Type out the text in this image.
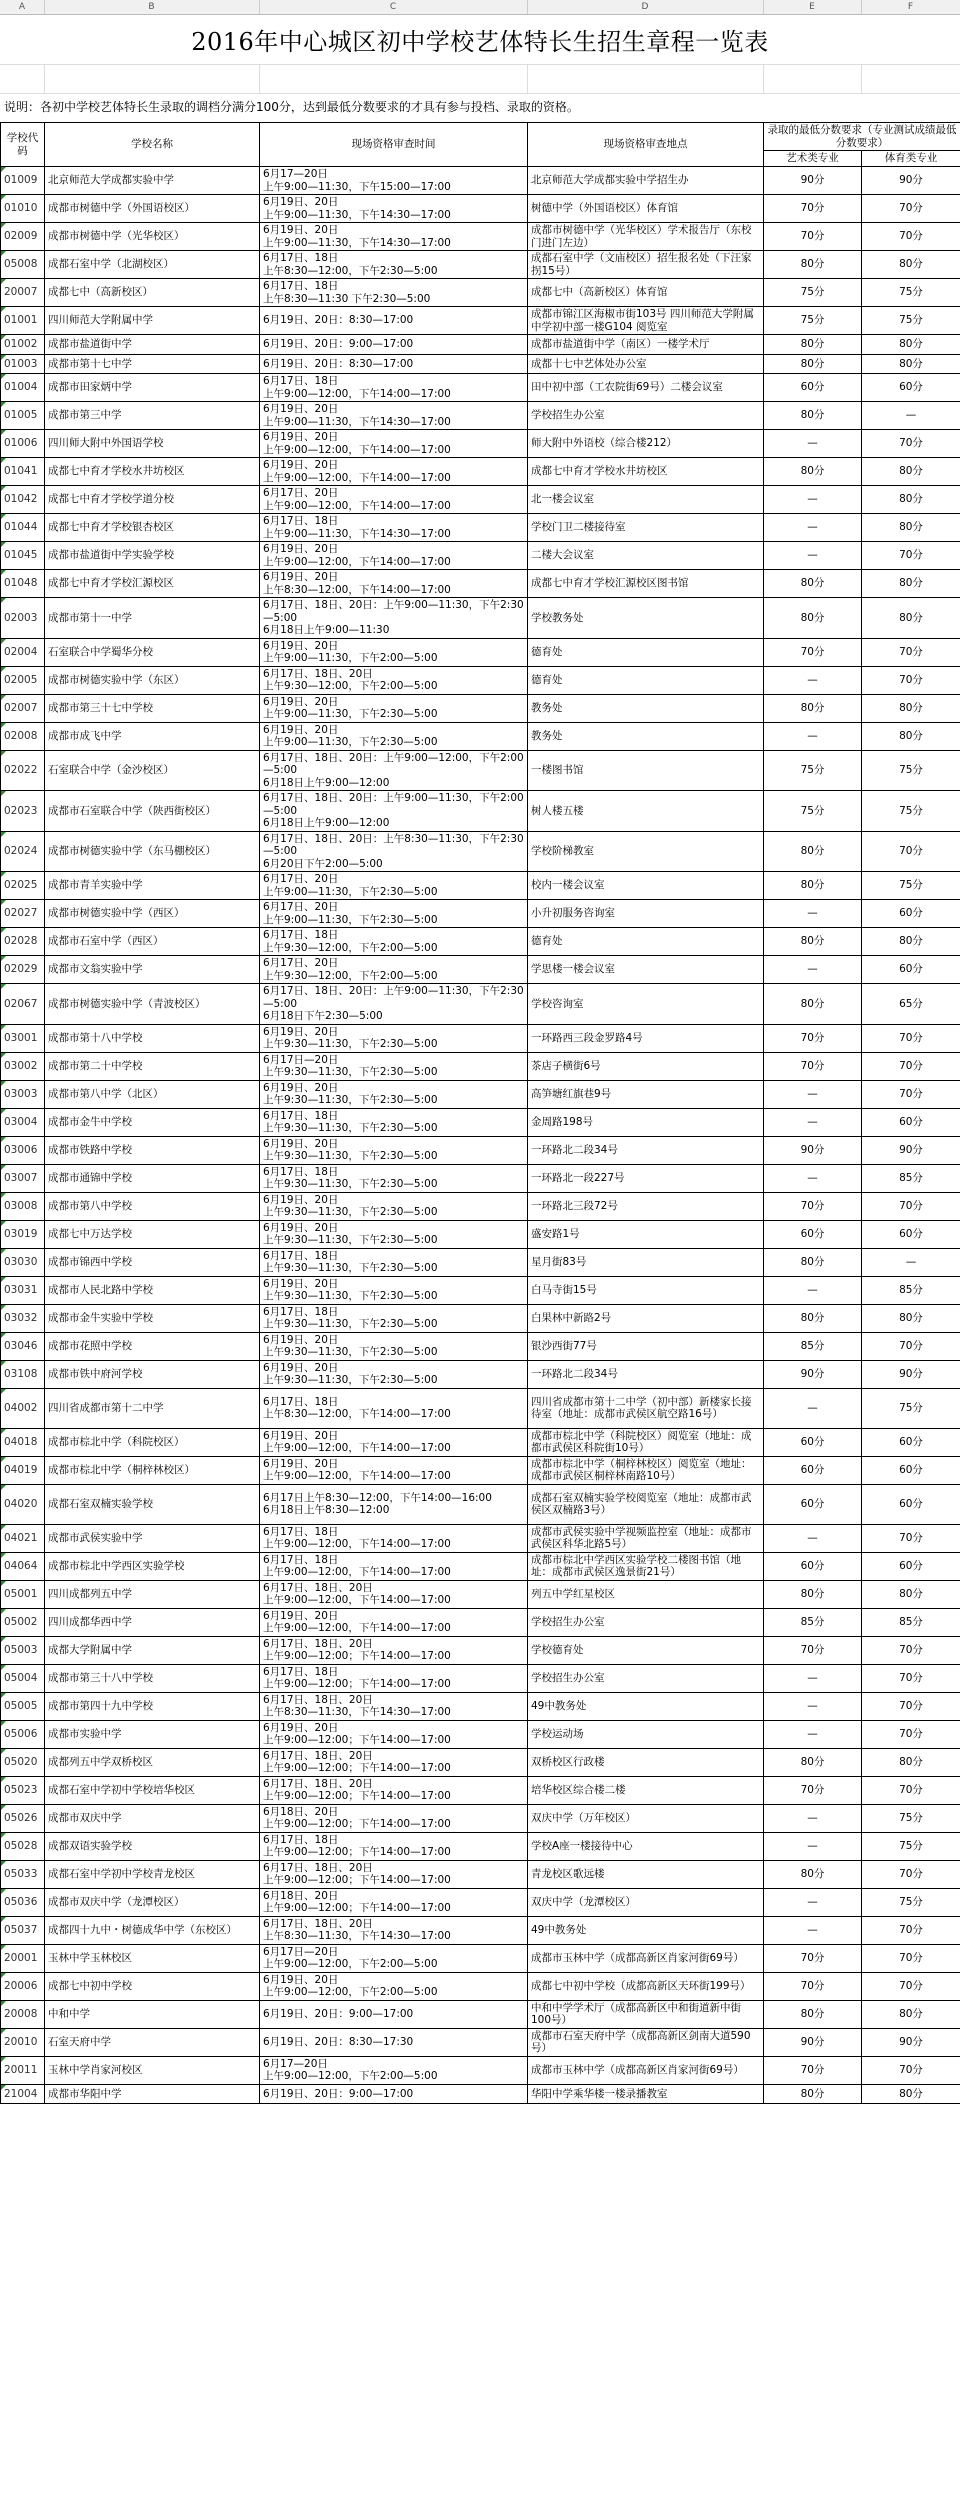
A	B	C	D	E	F
2016年中心城区初中学校艺体特长生招生章程一览表
说明：各初中学校艺体特长生录取的调档分满分100分，达到最低分数要求的才具有参与投档、录取的资格。
学校代码	学校名称	现场资格审查时间	现场资格审查地点	录取的最低分数要求（专业测试成绩最低分数要求）	
				艺术类专业	体育类专业
01009	北京师范大学成都实验中学	6月17—20日
上午9:00—11:30，下午15:00—17:00	北京师范大学成都实验中学招生办	90分	90分
01010	成都市树德中学（外国语校区）	6月19日、20日
上午9:00—11:30，下午14:30—17:00	树德中学（外国语校区）体育馆	70分	70分
02009	成都市树德中学（光华校区）	6月19日、20日
上午9:00—11:30，下午14:30—17:00	成都市树德中学（光华校区）学术报告厅（东校门进门左边）	70分	70分
05008	成都石室中学（北湖校区）	6月17日、18日
上午8:30—12:00，下午2:30—5:00	成都石室中学（文庙校区）招生报名处（下汪家拐15号）	80分	80分
20007	成都七中（高新校区）	6月17日、18日
上午8:30—11:30 下午2:30—5:00	成都七中（高新校区）体育馆	75分	75分
01001	四川师范大学附属中学	6月19日、20日：8:30—17:00	成都市锦江区海椒市街103号 四川师范大学附属中学初中部一楼G104 阅览室	75分	75分
01002	成都市盐道街中学	6月19日、20日：9:00—17:00	成都市盐道街中学（南区）一楼学术厅	80分	80分
01003	成都市第十七中学	6月19日、20日：8:30—17:00	成都十七中艺体处办公室	80分	80分
01004	成都市田家炳中学	6月17日、18日
上午9:00—12:00，下午14:00—17:00	田中初中部（工农院街69号）二楼会议室	60分	60分
01005	成都市第三中学	6月19日、20日
上午9:00—11:30，下午14:30—17:00	学校招生办公室	80分	—
01006	四川师大附中外国语学校	6月19日、20日
上午9:00—12:00，下午14:00—17:00	师大附中外语校（综合楼212）	—	70分
01041	成都七中育才学校水井坊校区	6月19日、20日
上午9:00—12:00，下午14:00—17:00	成都七中育才学校水井坊校区	80分	80分
01042	成都七中育才学校学道分校	6月17日、20日
上午9:00—12:00，下午14:00—17:00	北一楼会议室	—	80分
01044	成都七中育才学校银杏校区	6月17日、18日
上午9:00—11:30，下午14:30—17:00	学校门卫二楼接待室	—	80分
01045	成都市盐道街中学实验学校	6月19日、20日
上午9:00—12:00，下午14:00—17:00	二楼大会议室	—	70分
01048	成都七中育才学校汇源校区	6月19日、20日
上午8:30—12:00，下午14:00—17:00	成都七中育才学校汇源校区图书馆	80分	80分
02003	成都市第十一中学	6月17日、18日、20日：上午9:00—11:30，下午2:30—5:00
6月18日上午9:00—11:30	学校教务处	80分	80分
02004	石室联合中学蜀华分校	6月19日、20日
上午9:00—11:30，下午2:00—5:00	德育处	70分	70分
02005	成都市树德实验中学（东区）	6月17日、18日、20日
上午9:30—12:00，下午2:00—5:00	德育处	—	70分
02007	成都市第三十七中学校	6月19日、20日
上午9:00—11:30，下午2:30—5:00	教务处	80分	80分
02008	成都市成飞中学	6月19日、20日
上午9:00—11:30，下午2:30—5:00	教务处	—	80分
02022	石室联合中学（金沙校区）	6月17日、18日、20日：上午9:00—12:00，下午2:00—5:00
6月18日上午9:00—12:00	一楼图书馆	75分	75分
02023	成都市石室联合中学（陕西街校区）	6月17日、18日、20日：上午9:00—11:30，下午2:00—5:00
6月18日上午9:00—12:00	树人楼五楼	75分	75分
02024	成都市树德实验中学（东马棚校区）	6月17日、18日、20日：上午8:30—11:30，下午2:30—5:00
6月20日下午2:00—5:00	学校阶梯教室	80分	70分
02025	成都市青羊实验中学	6月17日、20日
上午9:00—11:30，下午2:30—5:00	校内一楼会议室	80分	75分
02027	成都市树德实验中学（西区）	6月17日、20日
上午9:00—11:30，下午2:30—5:00	小升初服务咨询室	—	60分
02028	成都市石室中学（西区）	6月17日、18日
上午9:30—12:00，下午2:00—5:00	德育处	80分	80分
02029	成都市文翁实验中学	6月17日、20日
上午9:30—12:00，下午2:00—5:00	学思楼一楼会议室	—	60分
02067	成都市树德实验中学（青波校区）	6月17日、18日、20日：上午9:00—11:30，下午2:30—5:00
6月18日下午2:30—5:00	学校咨询室	80分	65分
03001	成都市第十八中学校	6月19日、20日
上午9:30—11:30，下午2:30—5:00	一环路西三段金罗路4号	70分	70分
03002	成都市第二十中学校	6月17日—20日
上午9:30—11:30，下午2:30—5:00	茶店子横街6号	70分	70分
03003	成都市第八中学（北区）	6月19日、20日
上午9:30—11:30，下午2:30—5:00	高笋塘红旗巷9号	—	70分
03004	成都市金牛中学校	6月17日、18日
上午9:30—11:30，下午2:30—5:00	金周路198号	—	60分
03006	成都市铁路中学校	6月19日、20日
上午9:30—11:30，下午2:30—5:00	一环路北二段34号	90分	90分
03007	成都市通锦中学校	6月17日、18日
上午9:30—11:30，下午2:30—5:00	一环路北一段227号	—	85分
03008	成都市第八中学校	6月19日、20日
上午9:30—11:30，下午2:30—5:00	一环路北三段72号	70分	70分
03019	成都七中万达学校	6月19日、20日
上午9:30—11:30，下午2:30—5:00	盛安路1号	60分	60分
03030	成都市锦西中学校	6月17日、18日
上午9:30—11:30，下午2:30—5:00	星月街83号	80分	—
03031	成都市人民北路中学校	6月19日、20日
上午9:30—11:30，下午2:30—5:00	白马寺街15号	—	85分
03032	成都市金牛实验中学校	6月17日、18日
上午9:30—11:30，下午2:30—5:00	白果林中新路2号	80分	80分
03046	成都市花照中学校	6月19日、20日
上午9:30—11:30，下午2:30—5:00	银沙西街77号	85分	70分
03108	成都市铁中府河学校	6月19日、20日
上午9:30—11:30，下午2:30—5:00	一环路北二段34号	90分	90分
04002	四川省成都市第十二中学	6月17日、18日
上午8:30—12:00，下午14:00—17:00	四川省成都市第十二中学（初中部）新楼家长接待室（地址：成都市武侯区航空路16号）	—	75分
04018	成都市棕北中学（科院校区）	6月19日、20日
上午9:00—12:00，下午14:00—17:00	成都市棕北中学（科院校区）阅览室（地址：成都市武侯区科院街10号）	60分	60分
04019	成都市棕北中学（桐梓林校区）	6月19日、20日
上午9:00—12:00，下午14:00—17:00	成都市棕北中学（桐梓林校区）阅览室（地址：成都市武侯区桐梓林南路10号）	60分	60分
04020	成都石室双楠实验学校	6月17日上午8:30—12:00，下午14:00—16:00
6月18日上午8:30—12:00	成都石室双楠实验学校阅览室（地址：成都市武侯区双楠路3号）	60分	60分
04021	成都市武侯实验中学	6月17日、18日
上午9:00—12:00，下午14:00—17:00	成都市武侯实验中学视频监控室（地址：成都市武侯区科华北路5号）	—	70分
04064	成都市棕北中学西区实验学校	6月17日、18日
上午9:00—12:00，下午14:00—17:00	成都市棕北中学西区实验学校二楼图书馆（地址：成都市武侯区逸景街21号）	60分	60分
05001	四川成都列五中学	6月17日、18日、20日
上午9:00—12:00，下午14:00—17:00	列五中学红星校区	80分	80分
05002	四川成都华西中学	6月19日、20日
上午9:00—12:00，下午14:00—17:00	学校招生办公室	85分	85分
05003	成都大学附属中学	6月17日、18日、20日
上午9:00—12:00；下午14:00—17:00	学校德育处	70分	70分
05004	成都市第三十八中学校	6月17日、18日
上午9:00—12:00；下午14:00—17:00	学校招生办公室	—	70分
05005	成都市第四十九中学校	6月17日、18日、20日
上午8:30—11:30，下午14:30—17:00	49中教务处	—	70分
05006	成都市实验中学	6月19日、20日
上午9:00—12:00；下午14:00—17:00	学校运动场	—	70分
05020	成都列五中学双桥校区	6月17日、18日、20日
上午9:00—12:00；下午14:00—17:00	双桥校区行政楼	80分	80分
05023	成都石室中学初中学校培华校区	6月17日、18日、20日
上午9:00—12:00；下午14:00—17:00	培华校区综合楼二楼	70分	70分
05026	成都市双庆中学	6月18日、20日
上午9:00—12:00；下午14:00—17:00	双庆中学（万年校区）	—	75分
05028	成都双语实验学校	6月17日、18日
上午9:00—12:00；下午14:00—17:00	学校A座一楼接待中心	—	75分
05033	成都石室中学初中学校青龙校区	6月17日、18日、20日
上午9:00—12:00；下午14:00—17:00	青龙校区歌远楼	80分	70分
05036	成都市双庆中学（龙潭校区）	6月18日、20日
上午9:00—12:00；下午14:00—17:00	双庆中学（龙潭校区）	—	75分
05037	成都四十九中・树德成华中学（东校区）	6月17日、18日、20日
上午8:30—11:30，下午14:30—17:00	49中教务处	—	70分
20001	玉林中学玉林校区	6月17日—20日
上午9:00—12:00，下午2:00—5:00	成都市玉林中学（成都高新区肖家河街69号）	70分	70分
20006	成都七中初中学校	6月19日、20日
上午9:00—12:00，下午2:00—5:00	成都七中初中学校（成都高新区天环街199号）	70分	70分
20008	中和中学	6月19日、20日：9:00—17:00	中和中学学术厅（成都高新区中和街道新中街100号）	80分	80分
20010	石室天府中学	6月19日、20日：8:30—17:30	成都市石室天府中学（成都高新区剑南大道590号）	90分	90分
20011	玉林中学肖家河校区	6月17—20日
上午9:00—12:00，下午2:00—5:00	成都市玉林中学（成都高新区肖家河街69号）	70分	70分
21004	成都市华阳中学	6月19日、20日：9:00—17:00	华阳中学乘华楼一楼录播教室	80分	80分
